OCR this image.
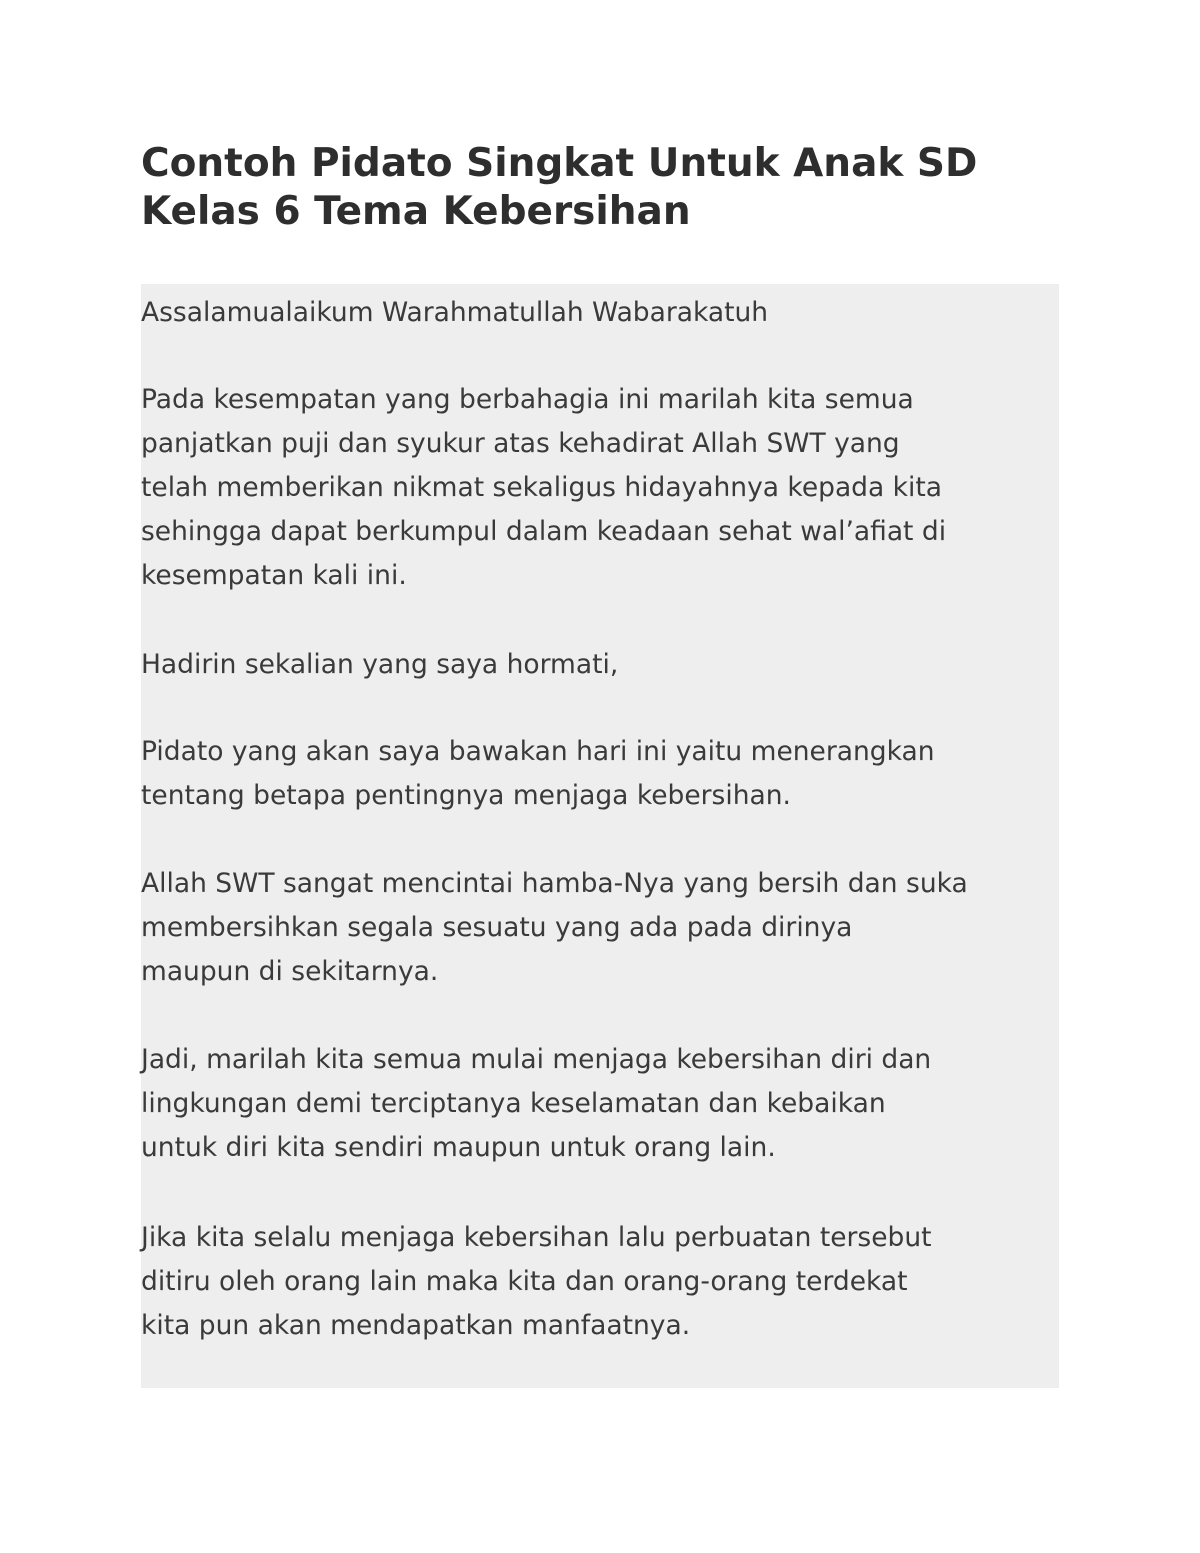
Contoh Pidato Singkat Untuk Anak SD
Kelas 6 Tema Kebersihan

Assalamualaikum Warahmatullah Wabarakatuh

Pada kesempatan yang berbahagia ini marilah kita semua
panjatkan puji dan syukur atas kehadirat Allah SWT yang
telah memberikan nikmat sekaligus hidayahnya kepada kita
sehingga dapat berkumpul dalam keadaan sehat wal’afiat di
kesempatan kali ini.

Hadirin sekalian yang saya hormati,

Pidato yang akan saya bawakan hari ini yaitu menerangkan
tentang betapa pentingnya menjaga kebersihan.

Allah SWT sangat mencintai hamba-Nya yang bersih dan suka
membersihkan segala sesuatu yang ada pada dirinya
maupun di sekitarnya.

Jadi, marilah kita semua mulai menjaga kebersihan diri dan
lingkungan demi terciptanya keselamatan dan kebaikan
untuk diri kita sendiri maupun untuk orang lain.

Jika kita selalu menjaga kebersihan lalu perbuatan tersebut
ditiru oleh orang lain maka kita dan orang-orang terdekat
kita pun akan mendapatkan manfaatnya.
